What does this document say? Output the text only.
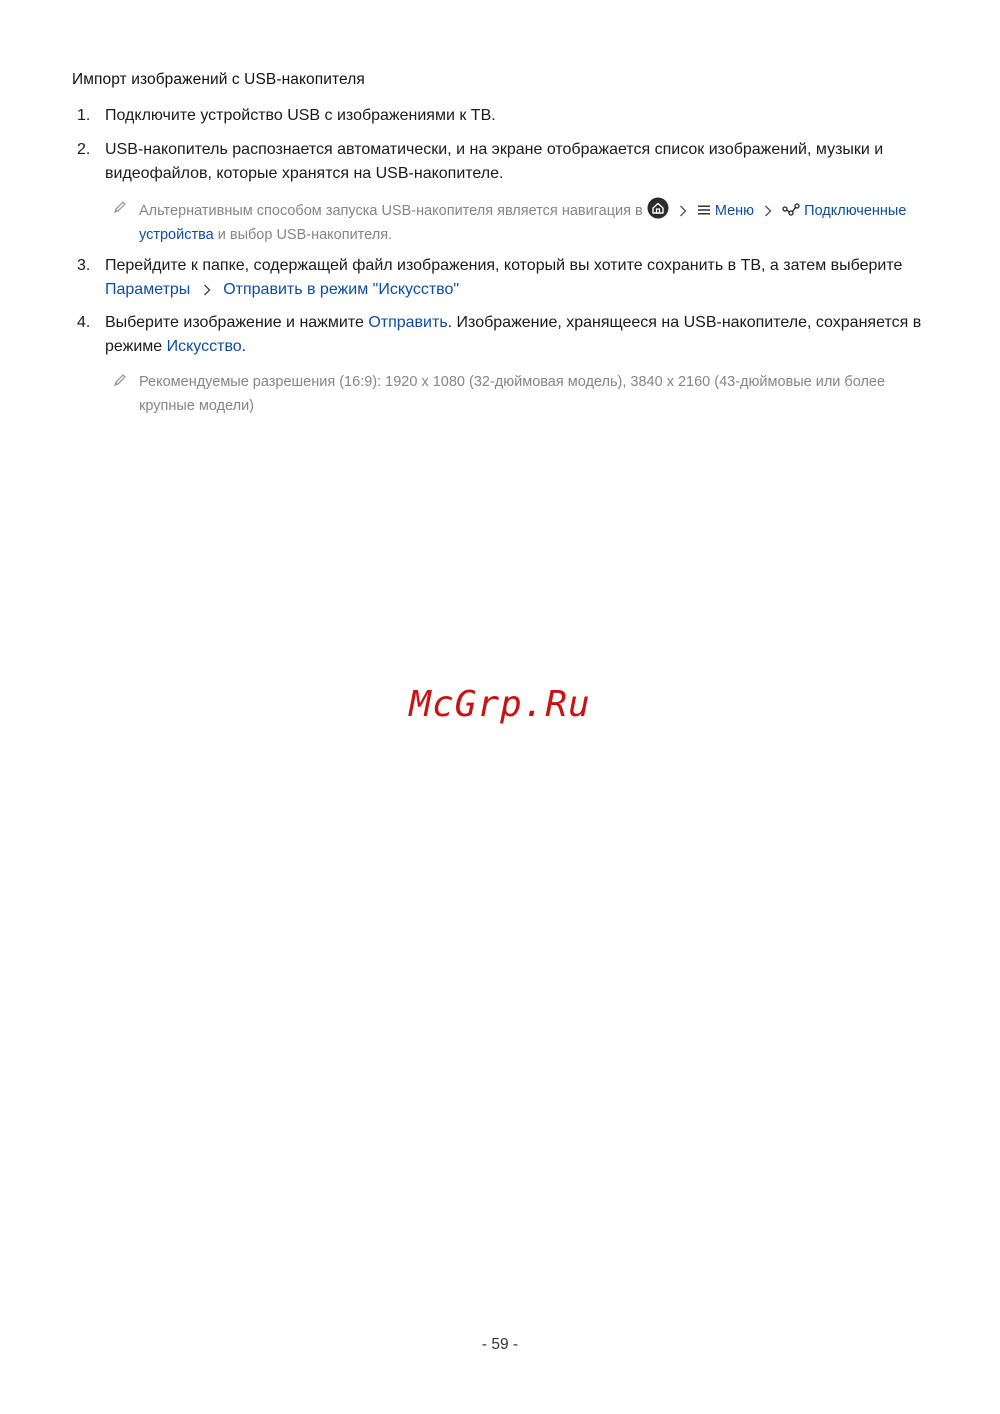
Импорт изображений с USB-накопителя
1. Подключите устройство USB с изображениями к ТВ.
2. USB-накопитель распознается автоматически, и на экране отображается список изображений, музыки и видеофайлов, которые хранятся на USB-накопителе.
Альтернативным способом запуска USB-накопителя является навигация в	Меню	Подключенные устройства и выбор USB-накопителя.
3. Перейдите к папке, содержащей файл изображения, который вы хотите сохранить в ТВ, а затем выберите Параметры Отправить в режим "Искусство"
4. Выберите изображение и нажмите Отправить. Изображение, хранящееся на USB-накопителе, сохраняется в режиме Искусство.
Рекомендуемые разрешения (16:9): 1920 x 1080 (32-дюймовая модель), 3840 x 2160 (43-дюймовые или более крупные модели)
McGrp.Ru
- 59 -
